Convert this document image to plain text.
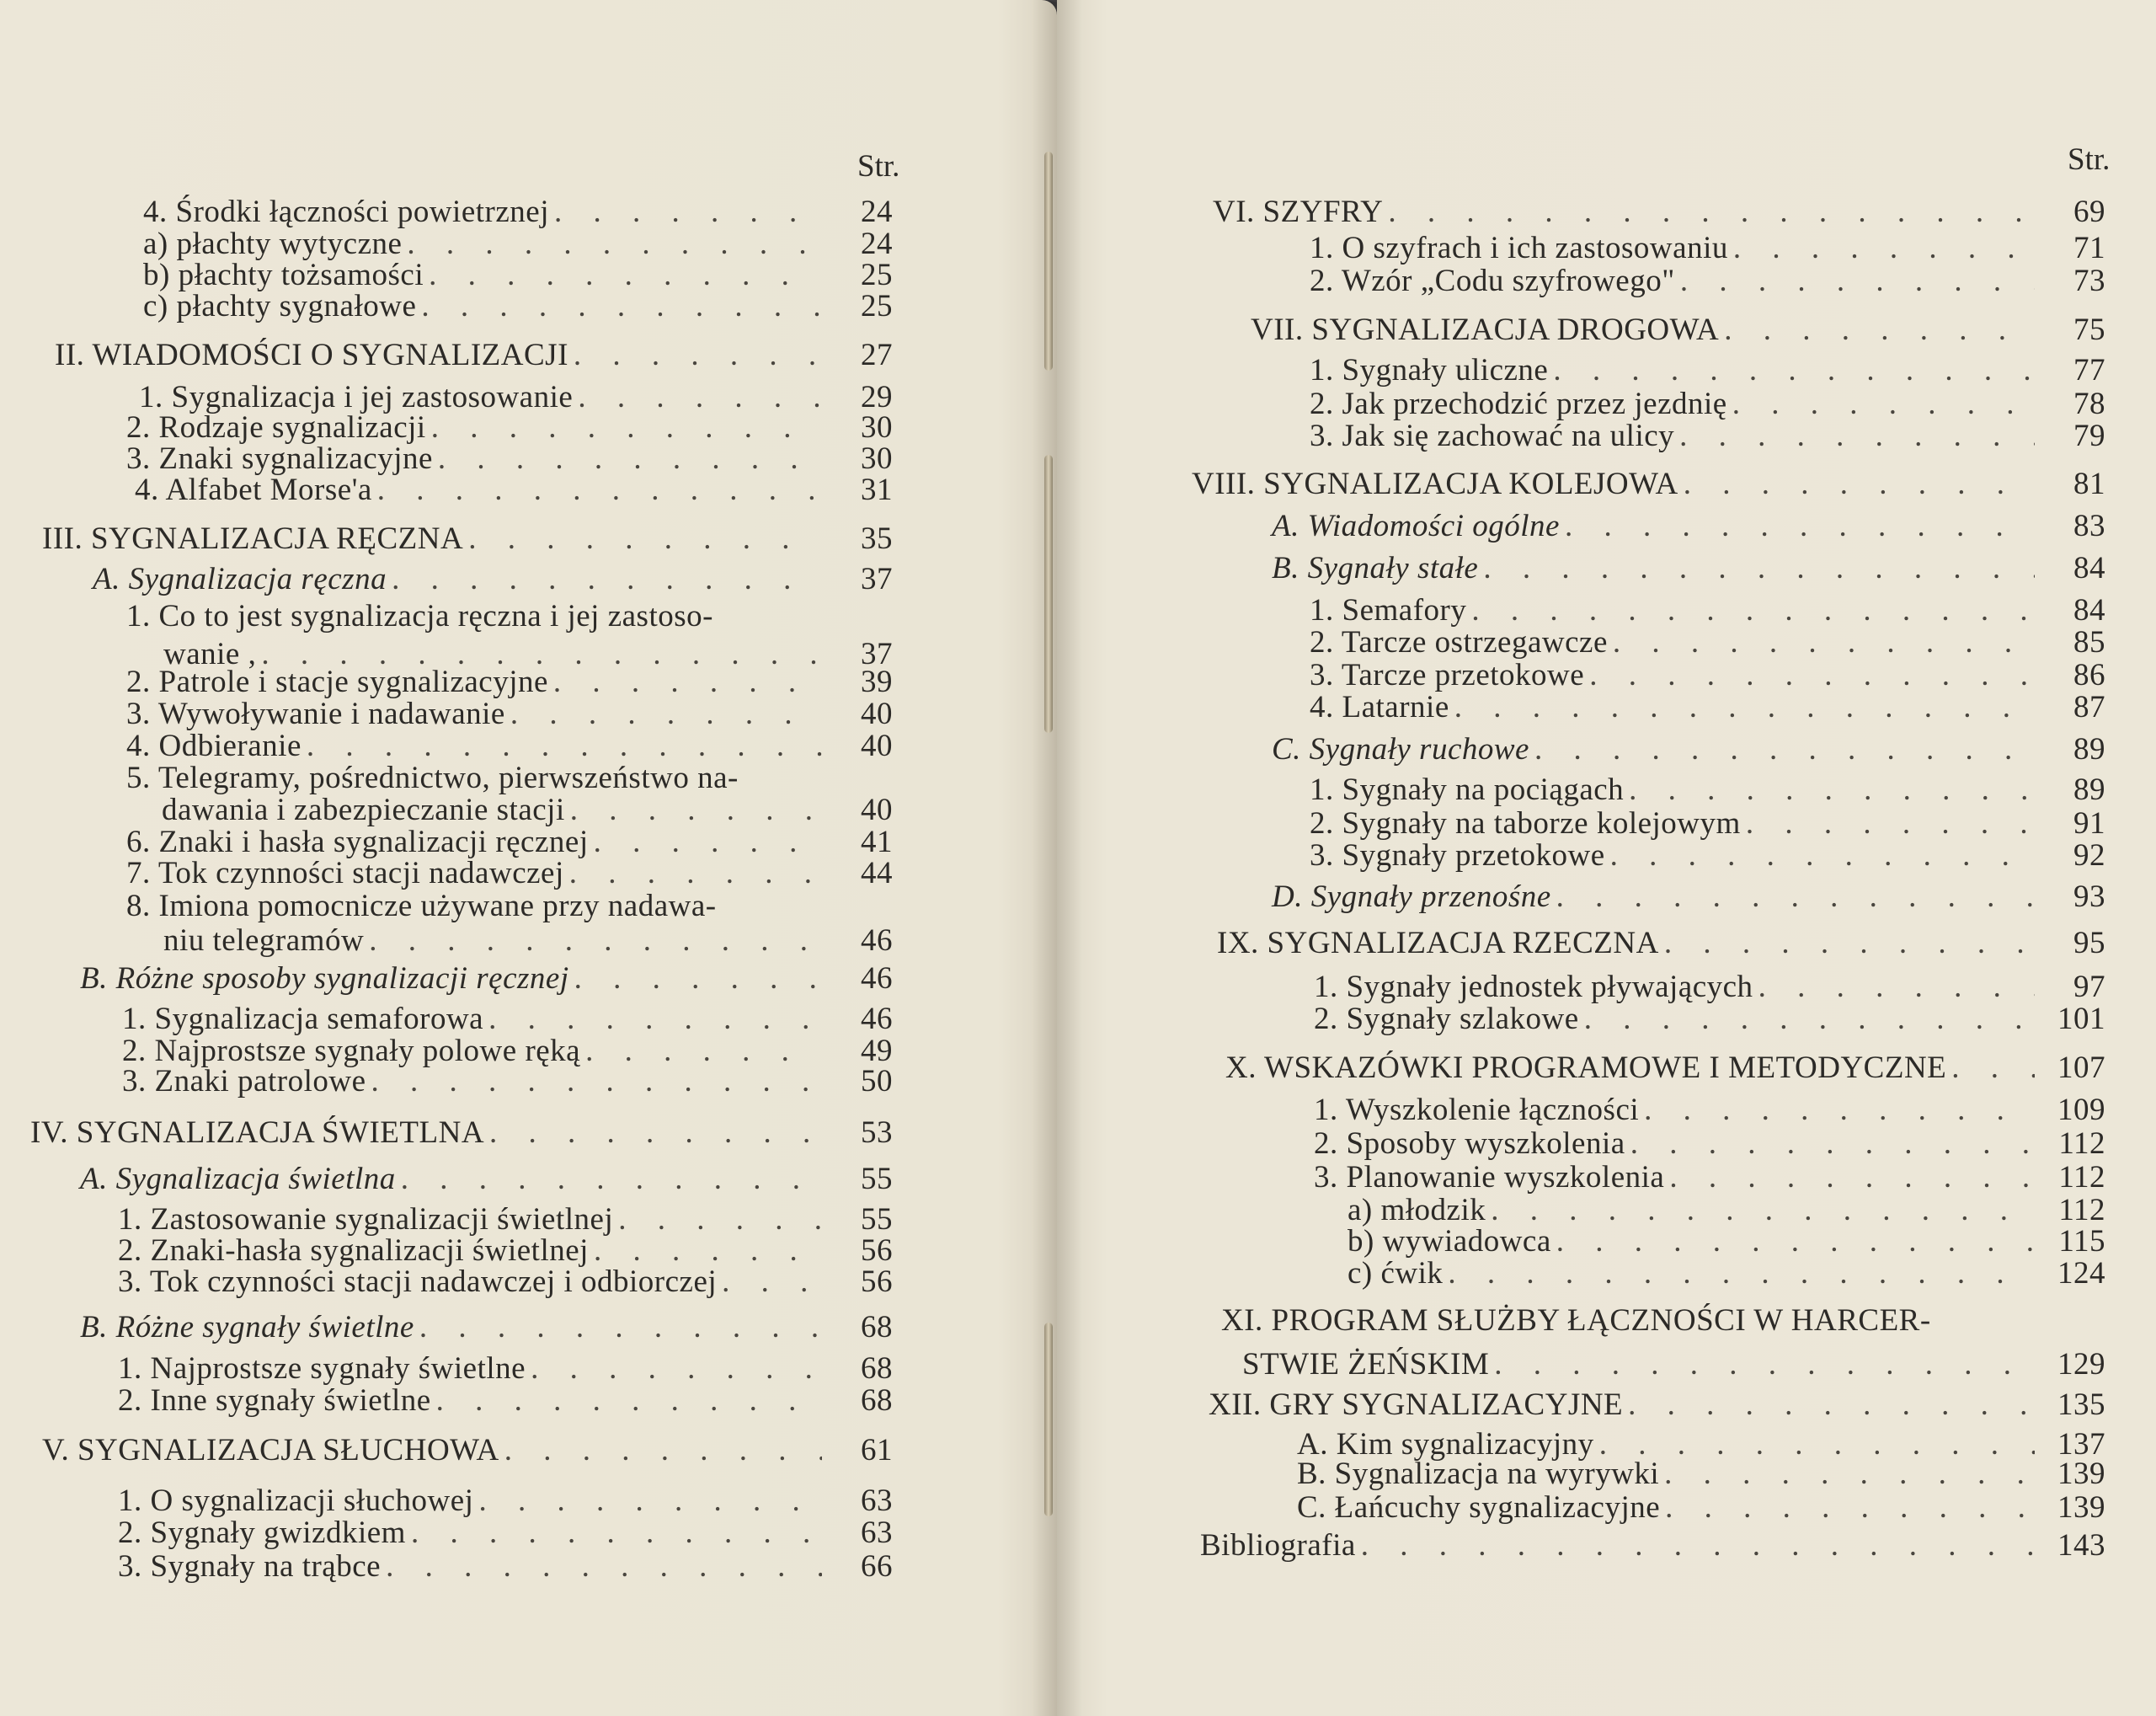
Str.
4. Środki łączności powietrznej . . .	24
a) płachty wytyczne . . .	24
b) płachty tożsamości . . .	25
c) płachty sygnałowe . . .	25
II. WIADOMOŚCI O SYGNALIZACJI . . .	27
1. Sygnalizacja i jej zastosowanie . . .	29
2. Rodzaje sygnalizacji . . .	30
3. Znaki sygnalizacyjne . . .	30
4. Alfabet Morse'a . . .	31
III. SYGNALIZACJA RĘCZNA . . .	35
A. Sygnalizacja ręczna . . .	37
1. Co to jest sygnalizacja ręczna i jej zastoso-
wanie , . . .	37
2. Patrole i stacje sygnalizacyjne . . .	39
3. Wywoływanie i nadawanie . . .	40
4. Odbieranie . . .	40
5. Telegramy, pośrednictwo, pierwszeństwo na-
dawania i zabezpieczanie stacji . . .	40
6. Znaki i hasła sygnalizacji ręcznej . . .	41
7. Tok czynności stacji nadawczej . . .	44
8. Imiona pomocnicze używane przy nadawa-
niu telegramów . . .	46
B. Różne sposoby sygnalizacji ręcznej . . .	46
1. Sygnalizacja semaforowa . . .	46
2. Najprostsze sygnały polowe ręką . . .	49
3. Znaki patrolowe . . .	50
IV. SYGNALIZACJA ŚWIETLNA . . .	53
A. Sygnalizacja świetlna . . .	55
1. Zastosowanie sygnalizacji świetlnej . . .	55
2. Znaki-hasła sygnalizacji świetlnej . . .	56
3. Tok czynności stacji nadawczej i odbiorczej . . .	56
B. Różne sygnały świetlne . . .	68
1. Najprostsze sygnały świetlne . . .	68
2. Inne sygnały świetlne . . .	68
V. SYGNALIZACJA SŁUCHOWA . . .	61
1. O sygnalizacji słuchowej . . .	63
2. Sygnały gwizdkiem . . .	63
3. Sygnały na trąbce . . .	66
Str.
VI. SZYFRY . . .	69
1. O szyfrach i ich zastosowaniu . . .	71
2. Wzór „Codu szyfrowego" . . .	73
VII. SYGNALIZACJA DROGOWA . . .	75
1. Sygnały uliczne . . .	77
2. Jak przechodzić przez jezdnię . . .	78
3. Jak się zachować na ulicy . . .	79
VIII. SYGNALIZACJA KOLEJOWA . . .	81
A. Wiadomości ogólne . . .	83
B. Sygnały stałe . . .	84
1. Semafory . . .	84
2. Tarcze ostrzegawcze . . .	85
3. Tarcze przetokowe . . .	86
4. Latarnie . . .	87
C. Sygnały ruchowe . . .	89
1. Sygnały na pociągach . . .	89
2. Sygnały na taborze kolejowym . . .	91
3. Sygnały przetokowe . . .	92
D. Sygnały przenośne . . .	93
IX. SYGNALIZACJA RZECZNA . . .	95
1. Sygnały jednostek pływających . . .	97
2. Sygnały szlakowe . . .	101
X. WSKAZÓWKI PROGRAMOWE I METODYCZNE . . .	107
1. Wyszkolenie łączności . . .	109
2. Sposoby wyszkolenia . . .	112
3. Planowanie wyszkolenia . . .	112
a) młodzik . . .	112
b) wywiadowca . . .	115
c) ćwik . . .	124
XI. PROGRAM SŁUŻBY ŁĄCZNOŚCI W HARCER-
STWIE ŻEŃSKIM . . .	129
XII. GRY SYGNALIZACYJNE . . .	135
A. Kim sygnalizacyjny . . .	137
B. Sygnalizacja na wyrywki . . .	139
C. Łańcuchy sygnalizacyjne . . .	139
Bibliografia . . .	143
